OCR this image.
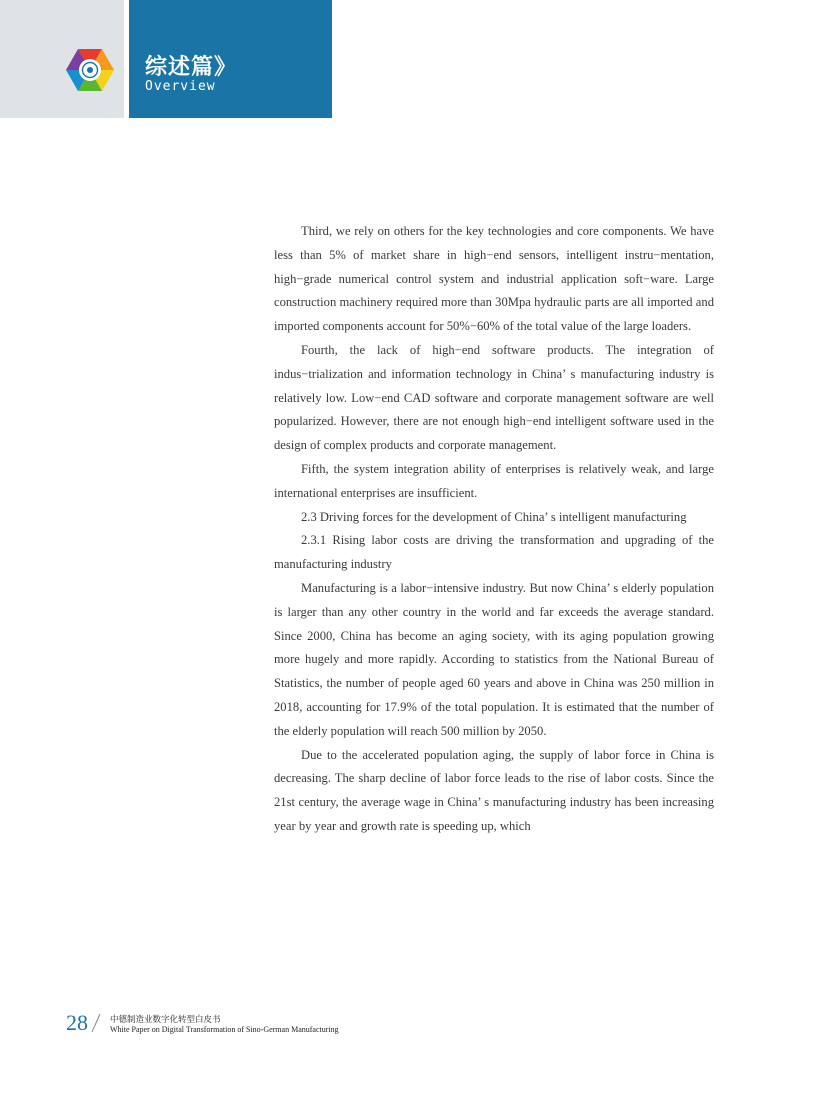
综述篇》
Overview

Third, we rely on others for the key technologies and core components. We have less than 5% of market share in high−end sensors, intelligent instru−mentation, high−grade numerical control system and industrial application soft−ware. Large construction machinery required more than 30Mpa hydraulic parts are all imported and imported components account for 50%−60% of the total value of the large loaders.

Fourth, the lack of high−end software products. The integration of indus−trialization and information technology in China’ s manufacturing industry is relatively low. Low−end CAD software and corporate management software are well popularized. However, there are not enough high−end intelligent software used in the design of complex products and corporate management.

Fifth, the system integration ability of enterprises is relatively weak, and large international enterprises are insufficient.

2.3 Driving forces for the development of China’ s intelligent manufacturing

2.3.1 Rising labor costs are driving the transformation and upgrading of the manufacturing industry

Manufacturing is a labor−intensive industry. But now China’ s elderly population is larger than any other country in the world and far exceeds the average standard. Since 2000, China has become an aging society, with its aging population growing more hugely and more rapidly. According to statistics from the National Bureau of Statistics, the number of people aged 60 years and above in China was 250 million in 2018, accounting for 17.9% of the total population. It is estimated that the number of the elderly population will reach 500 million by 2050.

Due to the accelerated population aging, the supply of labor force in China is decreasing. The sharp decline of labor force leads to the rise of labor costs. Since the 21st century, the average wage in China’ s manufacturing industry has been increasing year by year and growth rate is speeding up, which

28	中德制造业数字化转型白皮书
White Paper on Digital Transformation of Sino-German Manufacturing
